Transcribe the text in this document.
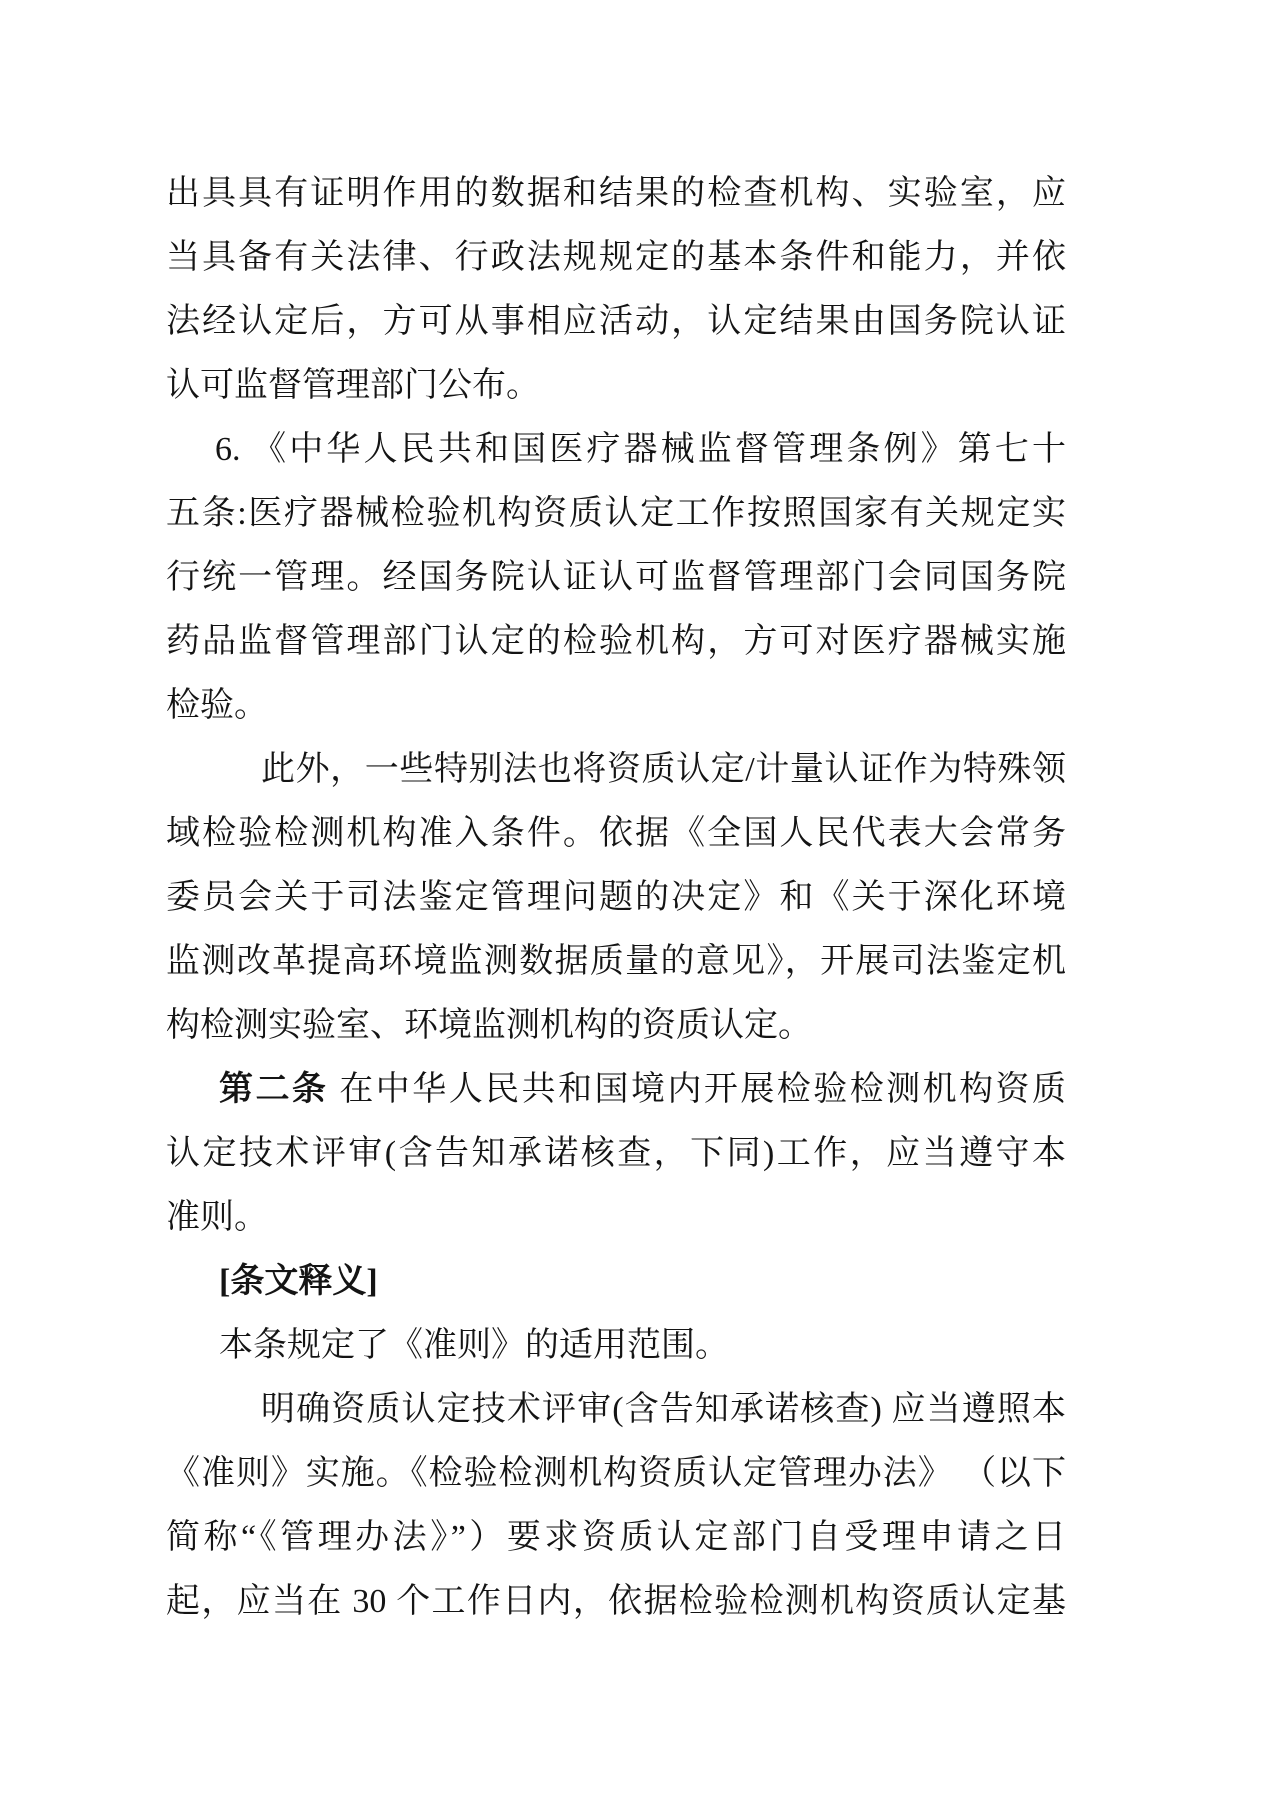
出具具有证明作用的数据和结果的检查机构、实验室，应
当具备有关法律、行政法规规定的基本条件和能力，并依
法经认定后，方可从事相应活动，认定结果由国务院认证
认可监督管理部门公布。
6. 《中华人民共和国医疗器械监督管理条例》第七十
五条:医疗器械检验机构资质认定工作按照国家有关规定实
行统一管理。经国务院认证认可监督管理部门会同国务院
药品监督管理部门认定的检验机构，方可对医疗器械实施
检验。
此外，一些特别法也将资质认定/计量认证作为特殊领
域检验检测机构准入条件。依据《全国人民代表大会常务
委员会关于司法鉴定管理问题的决定》和《关于深化环境
监测改革提高环境监测数据质量的意见》，开展司法鉴定机
构检测实验室、环境监测机构的资质认定。
第二条 在中华人民共和国境内开展检验检测机构资质
认定技术评审(含告知承诺核查，下同)工作，应当遵守本
准则。
[条文释义]
本条规定了《准则》的适用范围。
明确资质认定技术评审(含告知承诺核查) 应当遵照本
《准则》实施。《检验检测机构资质认定管理办法》 （以下
简称“《管理办法》”）要求资质认定部门自受理申请之日
起，应当在 30 个工作日内，依据检验检测机构资质认定基
